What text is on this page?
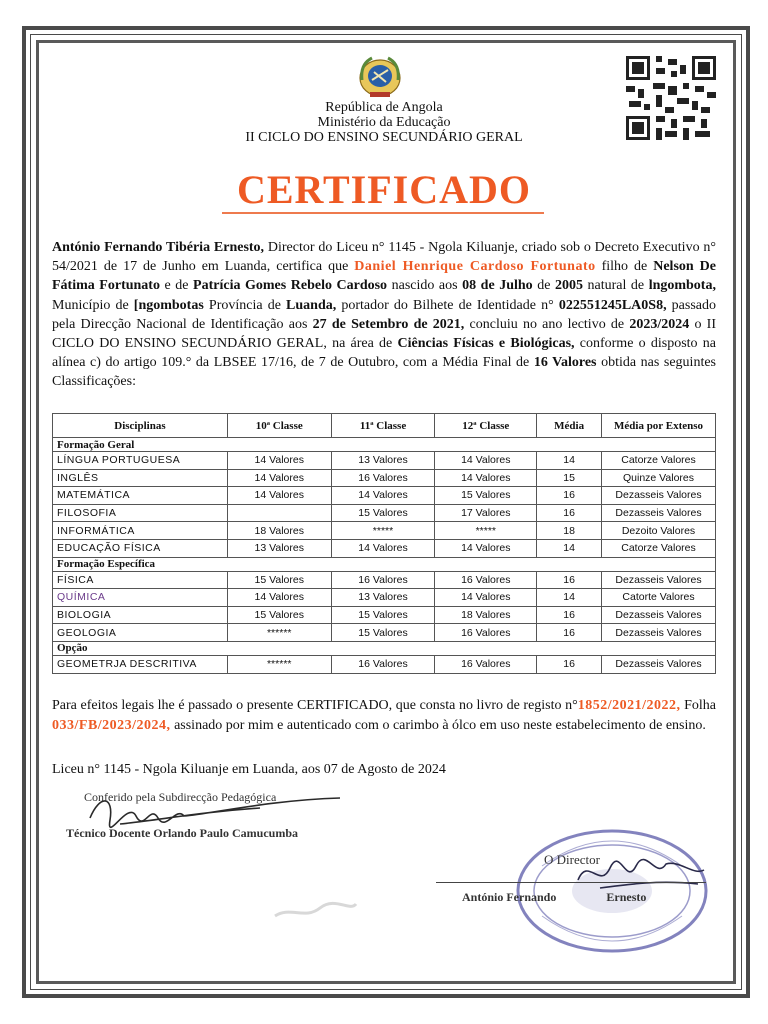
República de Angola
Ministério da Educação
II CICLO DO ENSINO SECUNDÁRIO GERAL
CERTIFICADO
António Fernando Tibéria Ernesto, Director do Liceu n° 1145 - Ngola Kiluanje, criado sob o Decreto Executivo n° 54/2021 de 17 de Junho em Luanda, certifica que Daniel Henrique Cardoso Fortunato filho de Nelson De Fátima Fortunato e de Patrícia Gomes Rebelo Cardoso nascido aos 08 de Julho de 2005 natural de lngombota, Município de [ngombotas Província de Luanda, portador do Bilhete de Identidade n° 022551245LA0S8, passado pela Direcção Nacional de Identificação aos 27 de Setembro de 2021, concluiu no ano lectivo de 2023/2024 o II CICLO DO ENSINO SECUNDÁRIO GERAL, na área de Ciências Físicas e Biológicas, conforme o disposto na alínea c) do artigo 109.° da LBSEE 17/16, de 7 de Outubro, com a Média Final de 16 Valores obtida nas seguintes Classificações:
Disciplinas	10ª Classe	11ª Classe	12ª Classe	Média	Média por Extenso
Formação Geral					
LÍNGUA PORTUGUESA	14 Valores	13 Valores	14 Valores	14	Catorze Valores
INGLÊS	14 Valores	16 Valores	14 Valores	15	Quinze Valores
MATEMÁTICA	14 Valores	14 Valores	15 Valores	16	Dezasseis Valores
FILOSOFIA		15 Valores	17 Valores	16	Dezasseis Valores
INFORMÁTICA	18 Valores	*****	*****	18	Dezoito Valores
EDUCAÇÃO FÍSICA	13 Valores	14 Valores	14 Valores	14	Catorze Valores
Formação Específica					
FÍSICA	15 Valores	16 Valores	16 Valores	16	Dezasseis Valores
QUÍMICA	14 Valores	13 Valores	14 Valores	14	Catorte Valores
BIOLOGIA	15 Valores	15 Valores	18 Valores	16	Dezasseis Valores
GEOLOGIA	******	15 Valores	16 Valores	16	Dezasseis Valores
Opção					
GEOMETRJA DESCRITIVA	******	16 Valores	16 Valores	16	Dezasseis Valores
Para efeitos legais lhe é passado o presente CERTIFICADO, que consta no livro de registo n°1852/2021/2022, Folha 033/FB/2023/2024, assinado por mim e autenticado com o carimbo à ólco em uso neste estabelecimento de ensino.
Liceu n° 1145 - Ngola Kiluanje em Luanda, aos 07 de Agosto de 2024
Conferido pela Subdirecção Pedagógica
Técnico Docente Orlando Paulo Camucumba
O Director
António Fernando	Ernesto
